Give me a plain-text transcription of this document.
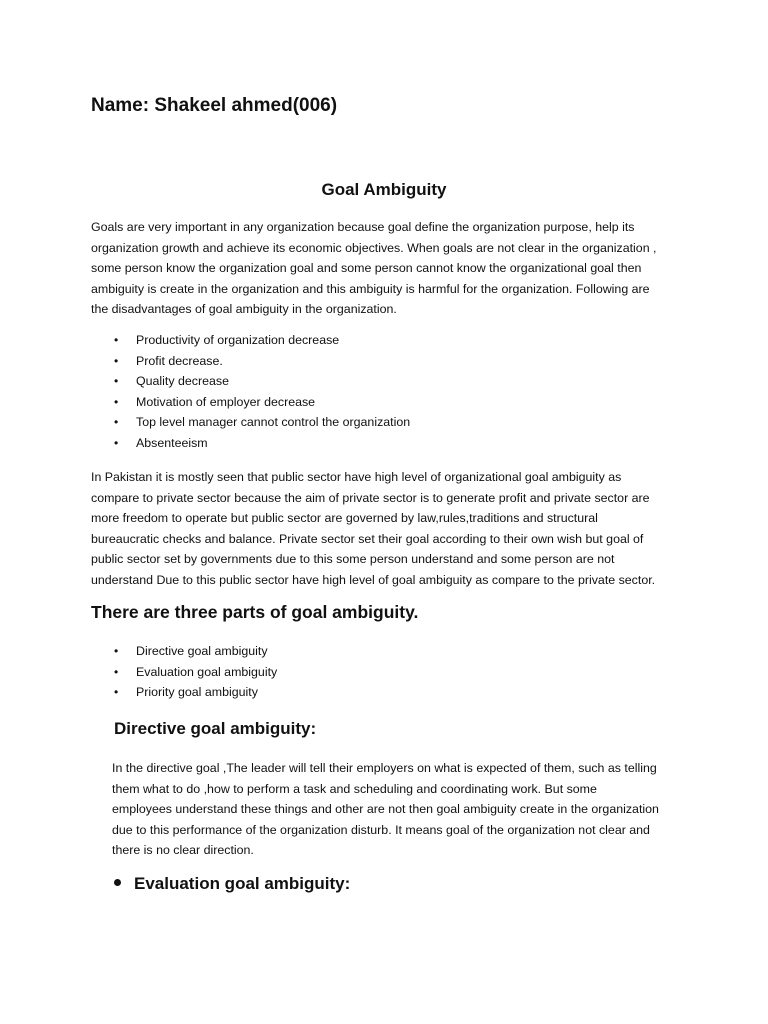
Name: Shakeel ahmed(006)
Goal Ambiguity

Goals are very important in any organization because goal define the organization purpose, help its
organization growth and achieve its economic objectives. When goals are not clear in the organization ,
some person know the organization goal and some person cannot know the organizational goal then
ambiguity is create in the organization and this ambiguity is harmful for the organization. Following are
the disadvantages of goal ambiguity in the organization.

• Productivity of organization decrease
• Profit decrease.
• Quality decrease
• Motivation of employer decrease
• Top level manager cannot control the organization
• Absenteeism

In Pakistan it is mostly seen that public sector have high level of organizational goal ambiguity as
compare to private sector because the aim of private sector is to generate profit and private sector are
more freedom to operate but public sector are governed by law,rules,traditions and structural
bureaucratic checks and balance. Private sector set their goal according to their own wish but goal of
public sector set by governments due to this some person understand and some person are not
understand Due to this public sector have high level of goal ambiguity as compare to the private sector.

There are three parts of goal ambiguity.
• Directive goal ambiguity
• Evaluation goal ambiguity
• Priority goal ambiguity
Directive goal ambiguity:

In the directive goal ,The leader will tell their employers on what is expected of them, such as telling
them what to do ,how to perform a task and scheduling and coordinating work. But some
employees understand these things and other are not then goal ambiguity create in the organization
due to this performance of the organization disturb. It means goal of the organization not clear and
there is no clear direction.

Evaluation goal ambiguity:
